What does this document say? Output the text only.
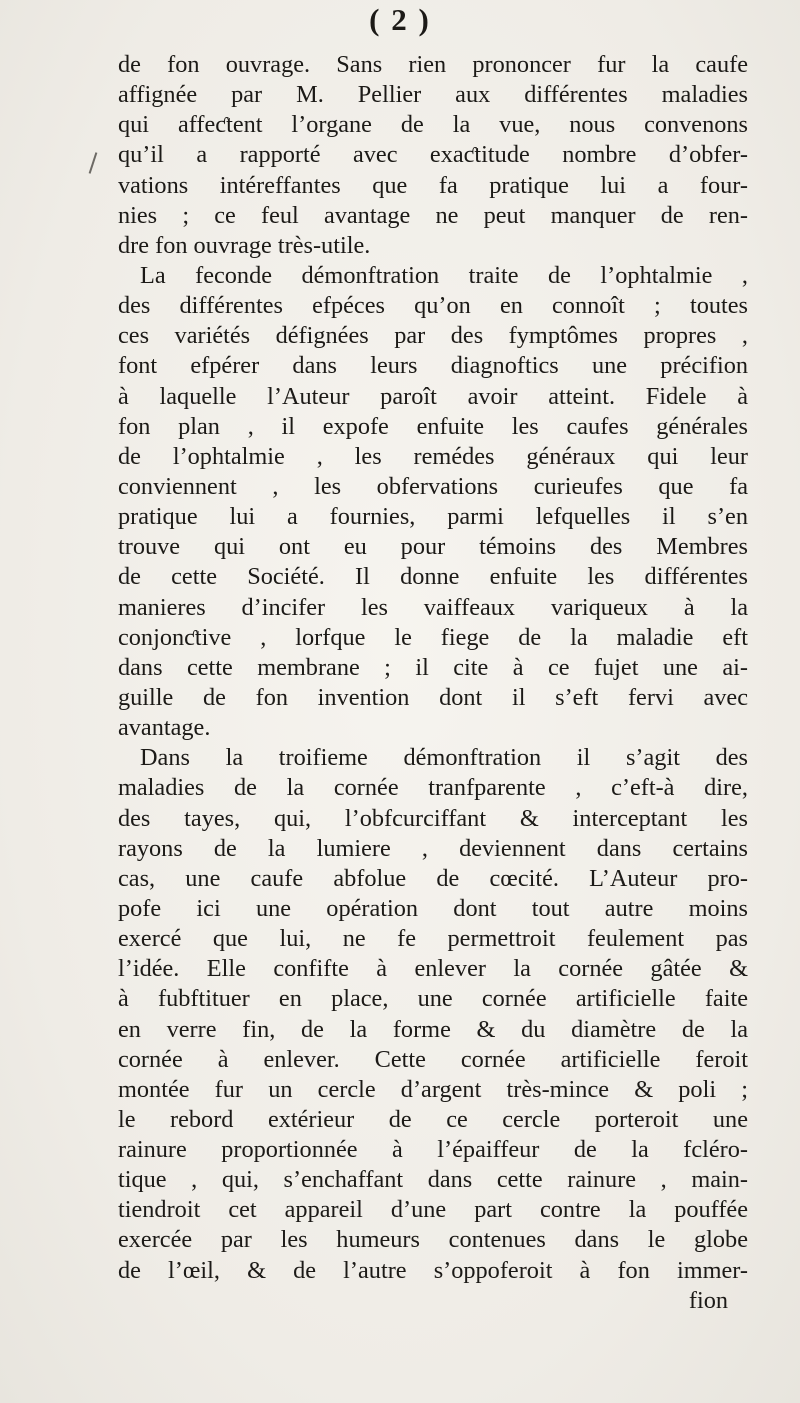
( 2 )
de fon ouvrage. Sans rien prononcer fur la caufe
affignée par M. Pellier aux différentes maladies
qui affeƈtent l’organe de la vue, nous convenons
qu’il a rapporté avec exaƈtitude nombre d’obfer-
vations intéreffantes que fa pratique lui a four-
nies ; ce feul avantage ne peut manquer de ren-
dre fon ouvrage très-utile.
La feconde démonftration traite de l’ophtalmie ,
des différentes efpéces qu’on en connoît ; toutes
ces variétés défignées par des fymptômes propres ,
font efpérer dans leurs diagnoftics une précifion
à laquelle l’Auteur paroît avoir atteint. Fidele à
fon plan , il expofe enfuite les caufes générales
de l’ophtalmie , les remédes généraux qui leur
conviennent , les obfervations curieufes que fa
pratique lui a fournies, parmi lefquelles il s’en
trouve qui ont eu pour témoins des Membres
de cette Société. Il donne enfuite les différentes
manieres d’incifer les vaiffeaux variqueux à la
conjonƈtive , lorfque le fiege de la maladie eft
dans cette membrane ; il cite à ce fujet une ai-
guille de fon invention dont il s’eft fervi avec
avantage.
Dans la troifieme démonftration il s’agit des
maladies de la cornée tranfparente , c’eft-à dire,
des tayes, qui, l’obfcurciffant & interceptant les
rayons de la lumiere , deviennent dans certains
cas, une caufe abfolue de cœcité. L’Auteur pro-
pofe ici une opération dont tout autre moins
exercé que lui, ne fe permettroit feulement pas
l’idée. Elle confifte à enlever la cornée gâtée &
à fubftituer en place, une cornée artificielle faite
en verre fin, de la forme & du diamètre de la
cornée à enlever. Cette cornée artificielle feroit
montée fur un cercle d’argent très-mince & poli ;
le rebord extérieur de ce cercle porteroit une
rainure proportionnée à l’épaiffeur de la fcléro-
tique , qui, s’enchaffant dans cette rainure , main-
tiendroit cet appareil d’une part contre la pouffée
exercée par les humeurs contenues dans le globe
de l’œil, & de l’autre s’oppoferoit à fon immer-
fion
